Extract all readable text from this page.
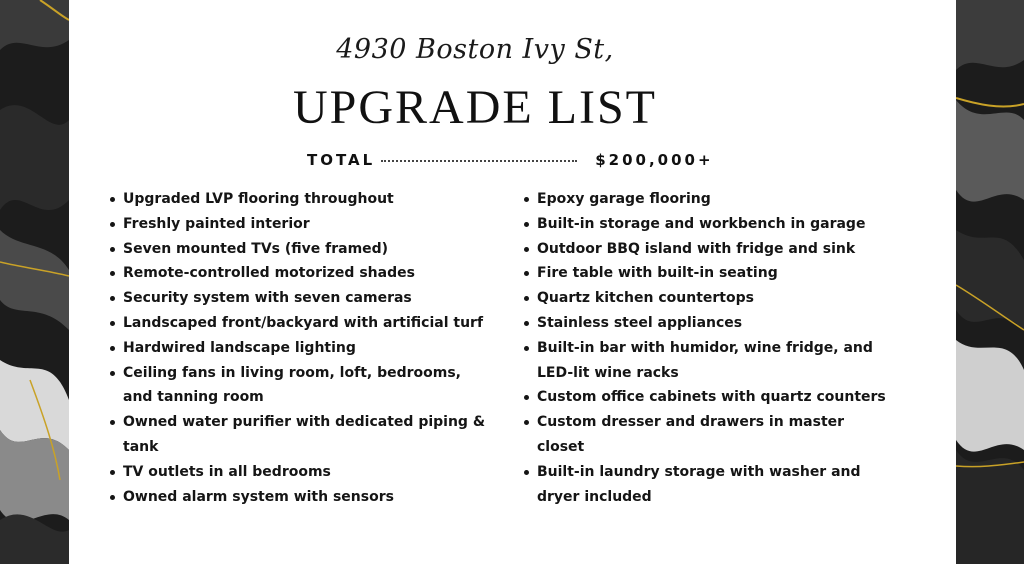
4930 Boston Ivy St,
UPGRADE LIST
TOTAL	$200,000+
Upgraded LVP flooring throughout
Freshly painted interior
Seven mounted TVs (five framed)
Remote-controlled motorized shades
Security system with seven cameras
Landscaped front/backyard with artificial turf
Hardwired landscape lighting
Ceiling fans in living room, loft, bedrooms, and tanning room
Owned water purifier with dedicated piping & tank
TV outlets in all bedrooms
Owned alarm system with sensors
Epoxy garage flooring
Built-in storage and workbench in garage
Outdoor BBQ island with fridge and sink
Fire table with built-in seating
Quartz kitchen countertops
Stainless steel appliances
Built-in bar with humidor, wine fridge, and LED-lit wine racks
Custom office cabinets with quartz counters
Custom dresser and drawers in master closet
Built-in laundry storage with washer and dryer included
